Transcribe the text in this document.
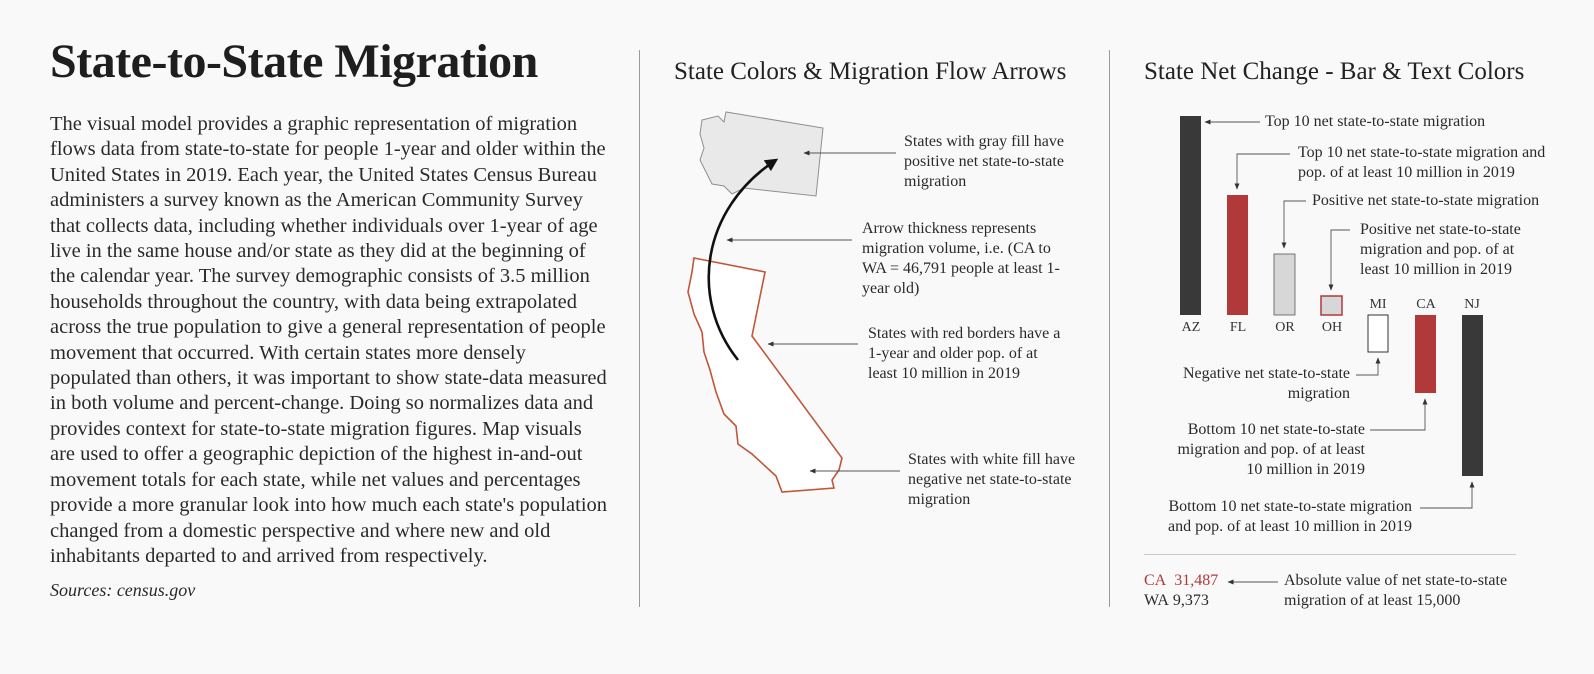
State-to-State Migration

The visual model provides a graphic representation of migration flows data from state-to-state for people 1-year and older within the United States in 2019. Each year, the United States Census Bureau administers a survey known as the American Community Survey that collects data, including whether individuals over 1-year of age live in the same house and/or state as they did at the beginning of the calendar year. The survey demographic consists of 3.5 million households throughout the country, with data being extrapolated across the true population to give a general representation of people movement that occurred. With certain states more densely populated than others, it was important to show state-data measured in both volume and percent-change. Doing so normalizes data and provides context for state-to-state migration figures. Map visuals are used to offer a geographic depiction of the highest in-and-out movement totals for each state, while net values and percentages provide a more granular look into how much each state's population changed from a domestic perspective and where new and old inhabitants departed to and arrived from respectively.

Sources: census.gov
State Colors & Migration Flow Arrows
States with gray fill have positive net state-to-state migration
Arrow thickness represents migration volume, i.e. (CA to WA = 46,791 people at least 1-year old)
States with red borders have a 1-year and older pop. of at least 10 million in 2019
States with white fill have negative net state-to-state migration
State Net Change - Bar & Text Colors
AZ	FL	OR	OH
MI	CA	NJ
Top 10 net state-to-state migration
Top 10 net state-to-state migration and pop. of at least 10 million in 2019
Positive net state-to-state migration
Positive net state-to-state migration and pop. of at least 10 million in 2019
Negative net state-to-state migration
Bottom 10 net state-to-state migration and pop. of at least 10 million in 2019
Bottom 10 net state-to-state migration and pop. of at least 10 million in 2019
CA 31,487
WA 9,373
Absolute value of net state-to-state migration of at least 15,000
